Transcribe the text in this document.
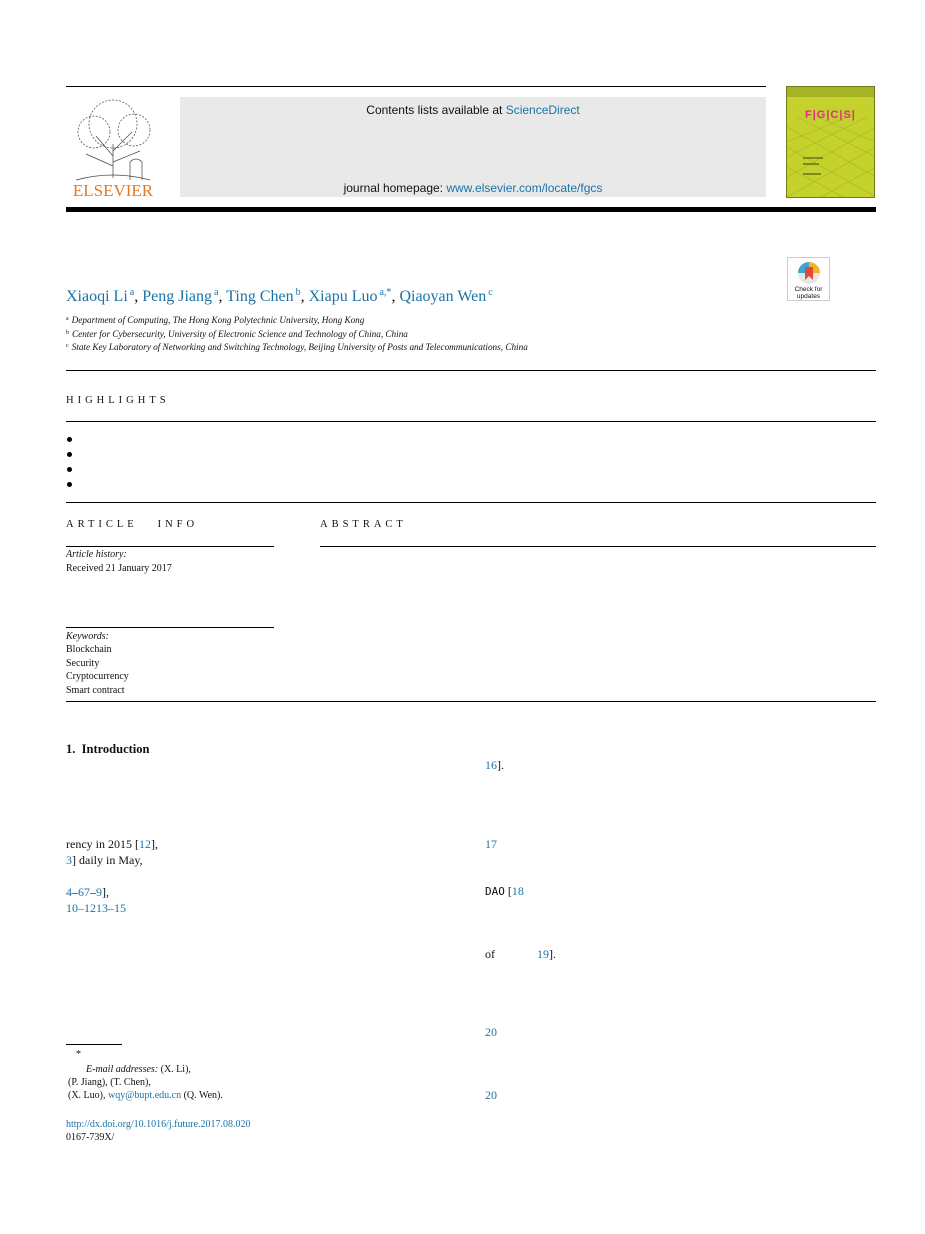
ELSEVIER
Contents lists available at ScienceDirect
journal homepage: www.elsevier.com/locate/fgcs
F|G|C|S|
Check for
updates
Xiaoqi Li $^a$, Peng Jiang $^a$, Ting Chen $^b$, Xiapu Luo $^{a,*}$, Qiaoyan Wen $^c$
$^a$ Department of Computing, The Hong Kong Polytechnic University, Hong Kong
$^b$ Center for Cybersecurity, University of Electronic Science and Technology of China, China
$^c$ State Key Laboratory of Networking and Switching Technology, Beijing University of Posts and Telecommunications, China
HIGHLIGHTS
ARTICLE   INFO	ABSTRACT
Article history:
Received 21 January 2017
Keywords:
Blockchain
Security
Cryptocurrency
Smart contract
1.  Introduction
rency in 2015 [12],
3] daily in May,
4–67–9],
10–1213–15
16].
17
DAO [18
of	19].
20
20
*
E-mail addresses: (X. Li),
(P. Jiang), (T. Chen),
(X. Luo), wqy@bupt.edu.cn (Q. Wen).
http://dx.doi.org/10.1016/j.future.2017.08.020
0167-739X/
